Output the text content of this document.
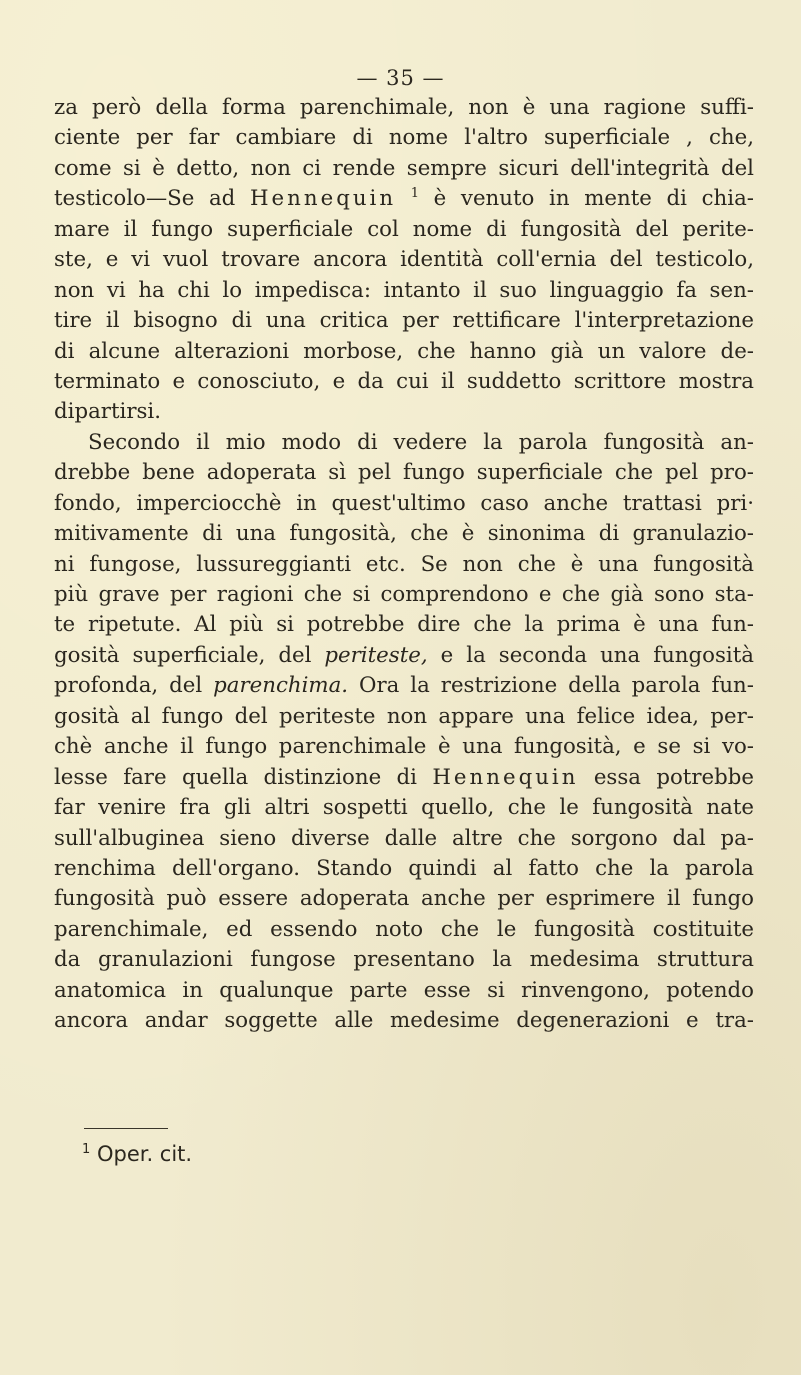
— 35 —
za però della forma parenchimale, non è una ragione suffi-
ciente per far cambiare di nome l'altro superficiale , che,
come si è detto, non ci rende sempre sicuri dell'integrità del
testicolo—Se ad Hennequin $^1$ è venuto in mente di chia-
mare il fungo superficiale col nome di fungosità del perite-
ste, e vi vuol trovare ancora identità coll'ernia del testicolo,
non vi ha chi lo impedisca: intanto il suo linguaggio fa sen-
tire il bisogno di una critica per rettificare l'interpretazione
di alcune alterazioni morbose, che hanno già un valore de-
terminato e conosciuto, e da cui il suddetto scrittore mostra
dipartirsi.
Secondo il mio modo di vedere la parola fungosità an-
drebbe bene adoperata sì pel fungo superficiale che pel pro-
fondo, imperciocchè in quest'ultimo caso anche trattasi pri·
mitivamente di una fungosità, che è sinonima di granulazio-
ni fungose, lussureggianti etc. Se non che è una fungosità
più grave per ragioni che si comprendono e che già sono sta-
te ripetute. Al più si potrebbe dire che la prima è una fun-
gosità superficiale, del periteste, e la seconda una fungosità
profonda, del parenchima. Ora la restrizione della parola fun-
gosità al fungo del periteste non appare una felice idea, per-
chè anche il fungo parenchimale è una fungosità, e se si vo-
lesse fare quella distinzione di Hennequin essa potrebbe
far venire fra gli altri sospetti quello, che le fungosità nate
sull'albuginea sieno diverse dalle altre che sorgono dal pa-
renchima dell'organo. Stando quindi al fatto che la parola
fungosità può essere adoperata anche per esprimere il fungo
parenchimale, ed essendo noto che le fungosità costituite
da granulazioni fungose presentano la medesima struttura
anatomica in qualunque parte esse si rinvengono, potendo
ancora andar soggette alle medesime degenerazioni e tra-
$^1$ Oper. cit.
